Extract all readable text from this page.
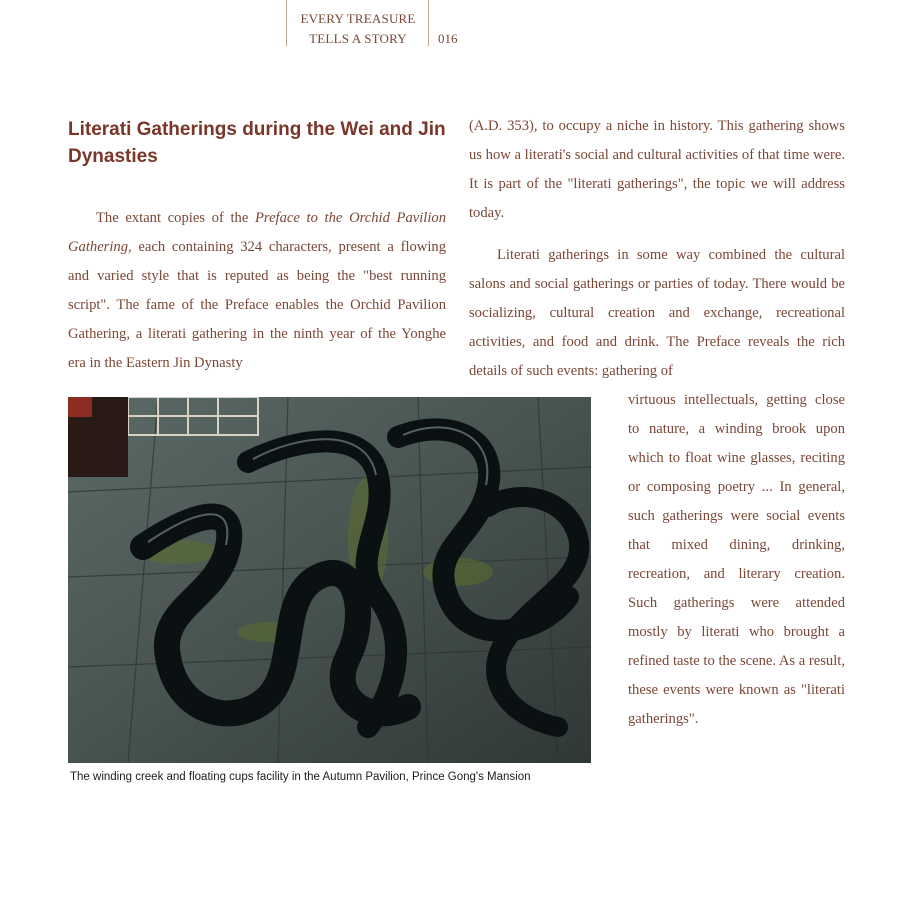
EVERY TREASURE
TELLS A STORY	016
Literati Gatherings during the Wei and Jin Dynasties
The extant copies of the Preface to the Orchid Pavilion Gathering, each containing 324 characters, present a flowing and varied style that is reputed as being the "best running script". The fame of the Preface enables the Orchid Pavilion Gathering, a literati gathering in the ninth year of the Yonghe era in the Eastern Jin Dynasty
(A.D. 353), to occupy a niche in history. This gathering shows us how a literati's social and cultural activities of that time were. It is part of the "literati gatherings", the topic we will address today.
Literati gatherings in some way combined the cultural salons and social gatherings or parties of today. There would be socializing, cultural creation and exchange, recreational activities, and food and drink. The Preface reveals the rich details of such events: gathering of
virtuous intellectuals, getting close to nature, a winding brook upon which to float wine glasses, reciting or composing poetry ... In general, such gatherings were social events that mixed dining, drinking, recreation, and literary creation. Such gatherings were attended mostly by literati who brought a refined taste to the scene. As a result, these events were known as "literati gatherings".
The winding creek and floating cups facility in the Autumn Pavilion, Prince Gong's Mansion
